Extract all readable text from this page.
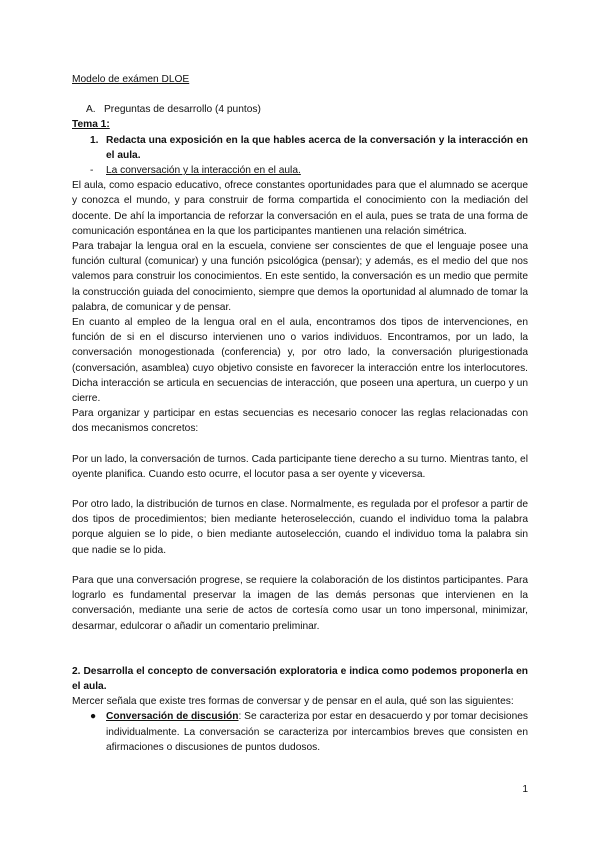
Modelo de exámen DLOE

A. Preguntas de desarrollo (4 puntos)

Tema 1:

1. Redacta una exposición en la que hables acerca de la conversación y la interacción en el aula.
-	La conversación y la interacción en el aula.

El aula, como espacio educativo, ofrece constantes oportunidades para que el alumnado se acerque y conozca el mundo, y para construir de forma compartida el conocimiento con la mediación del docente. De ahí la importancia de reforzar la conversación en el aula, pues se trata de una forma de comunicación espontánea en la que los participantes mantienen una relación simétrica.

Para trabajar la lengua oral en la escuela, conviene ser conscientes de que el lenguaje posee una función cultural (comunicar) y una función psicológica (pensar); y además, es el medio del que nos valemos para construir los conocimientos. En este sentido, la conversación es un medio que permite la construcción guiada del conocimiento, siempre que demos la oportunidad al alumnado de tomar la palabra, de comunicar y de pensar.

En cuanto al empleo de la lengua oral en el aula, encontramos dos tipos de intervenciones, en función de si en el discurso intervienen uno o varios individuos. Encontramos, por un lado, la conversación monogestionada (conferencia) y, por otro lado, la conversación plurigestionada (conversación, asamblea) cuyo objetivo consiste en favorecer la interacción entre los interlocutores. Dicha interacción se articula en secuencias de interacción, que poseen una apertura, un cuerpo y un cierre.

Para organizar y participar en estas secuencias es necesario conocer las reglas relacionadas con dos mecanismos concretos:

Por un lado, la conversación de turnos. Cada participante tiene derecho a su turno. Mientras tanto, el oyente planifica. Cuando esto ocurre, el locutor pasa a ser oyente y viceversa.

Por otro lado, la distribución de turnos en clase. Normalmente, es regulada por el profesor a partir de dos tipos de procedimientos; bien mediante heteroselección, cuando el individuo toma la palabra porque alguien se lo pide, o bien mediante autoselección, cuando el individuo toma la palabra sin que nadie se lo pida.

Para que una conversación progrese, se requiere la colaboración de los distintos participantes. Para lograrlo es fundamental preservar la imagen de las demás personas que intervienen en la conversación, mediante una serie de actos de cortesía como usar un tono impersonal, minimizar, desarmar, edulcorar o añadir un comentario preliminar.

2. Desarrolla el concepto de conversación exploratoria e indica como podemos proponerla en el aula.

Mercer señala que existe tres formas de conversar y de pensar en el aula, qué son las siguientes:

● Conversación de discusión: Se caracteriza por estar en desacuerdo y por tomar decisiones individualmente. La conversación se caracteriza por intercambios breves que consisten en afirmaciones o discusiones de puntos dudosos.
1
